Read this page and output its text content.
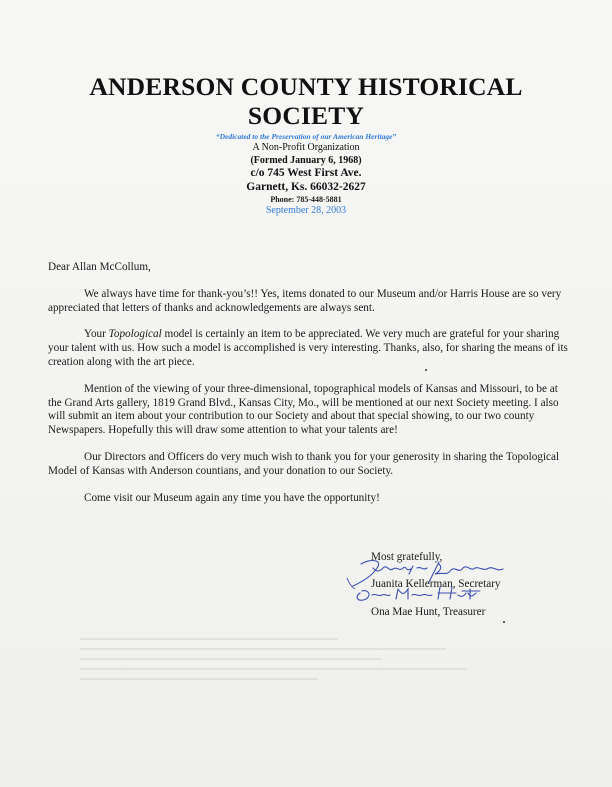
ANDERSON COUNTY HISTORICAL SOCIETY
“Dedicated to the Preservation of our American Heritage”
A Non-Profit Organization
(Formed January 6, 1968)
c/o 745 West First Ave.
Garnett, Ks. 66032-2627
Phone: 785-448-5881
September 28, 2003

Dear Allan McCollum,

We always have time for thank-you’s!! Yes, items donated to our Museum and/or Harris House are so very appreciated that letters of thanks and acknowledgements are always sent.

Your Topological model is certainly an item to be appreciated. We very much are grateful for your sharing your talent with us. How such a model is accomplished is very interesting. Thanks, also, for sharing the means of its creation along with the art piece.

Mention of the viewing of your three-dimensional, topographical models of Kansas and Missouri, to be at the Grand Arts gallery, 1819 Grand Blvd., Kansas City, Mo., will be mentioned at our next Society meeting. I also will submit an item about your contribution to our Society and about that special showing, to our two county Newspapers. Hopefully this will draw some attention to what your talents are!

Our Directors and Officers do very much wish to thank you for your generosity in sharing the Topological Model of Kansas with Anderson countians, and your donation to our Society.

Come visit our Museum again any time you have the opportunity!

Most gratefully,
Juanita Kellerman, Secretary
Ona Mae Hunt, Treasurer
